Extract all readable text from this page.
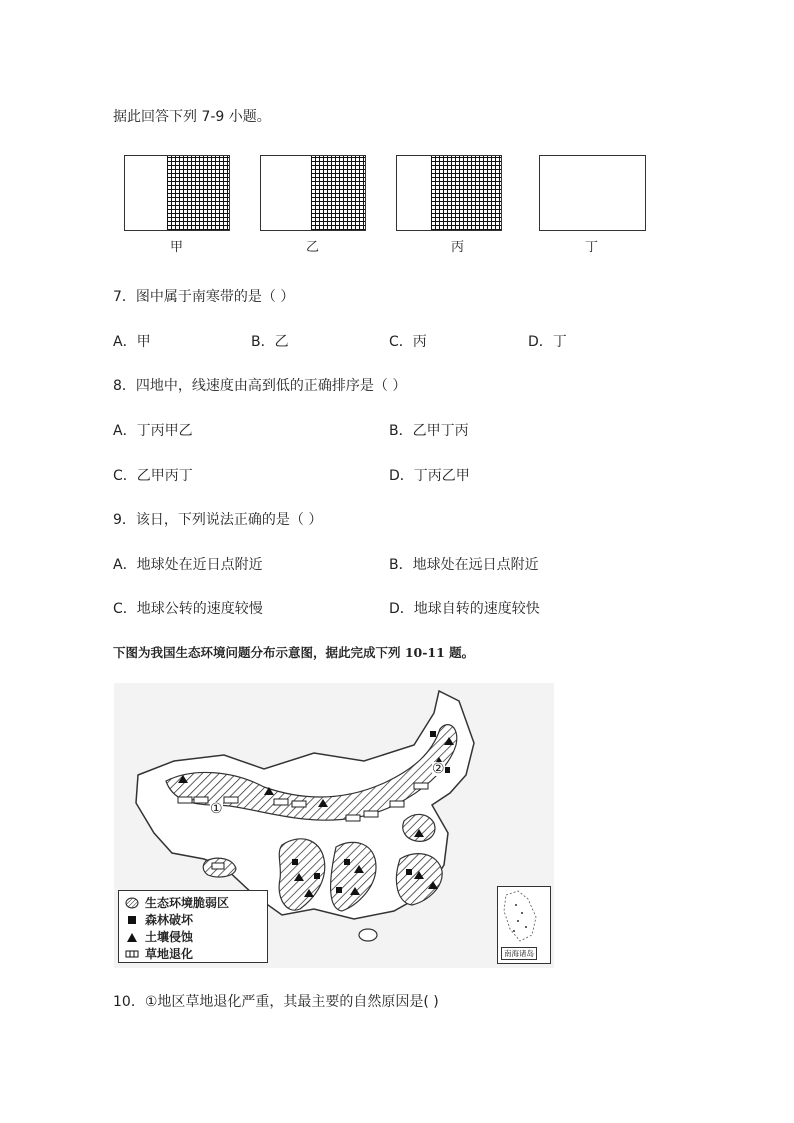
据此回答下列 7-9 小题。
甲	乙	丙	丁
7．图中属于南寒带的是（ ）
A．甲	B．乙	C．丙	D．丁
8．四地中，线速度由高到低的正确排序是（ ）
A．丁丙甲乙	B．乙甲丁丙
C．乙甲丙丁	D．丁丙乙甲
9．该日，下列说法正确的是（ ）
A．地球处在近日点附近	B．地球处在远日点附近
C．地球公转的速度较慢	D．地球自转的速度较快
下图为我国生态环境问题分布示意图，据此完成下列 10-11 题。
①
②
生态环境脆弱区
森林破坏
土壤侵蚀
草地退化	南海诸岛
10．①地区草地退化严重，其最主要的自然原因是( )
